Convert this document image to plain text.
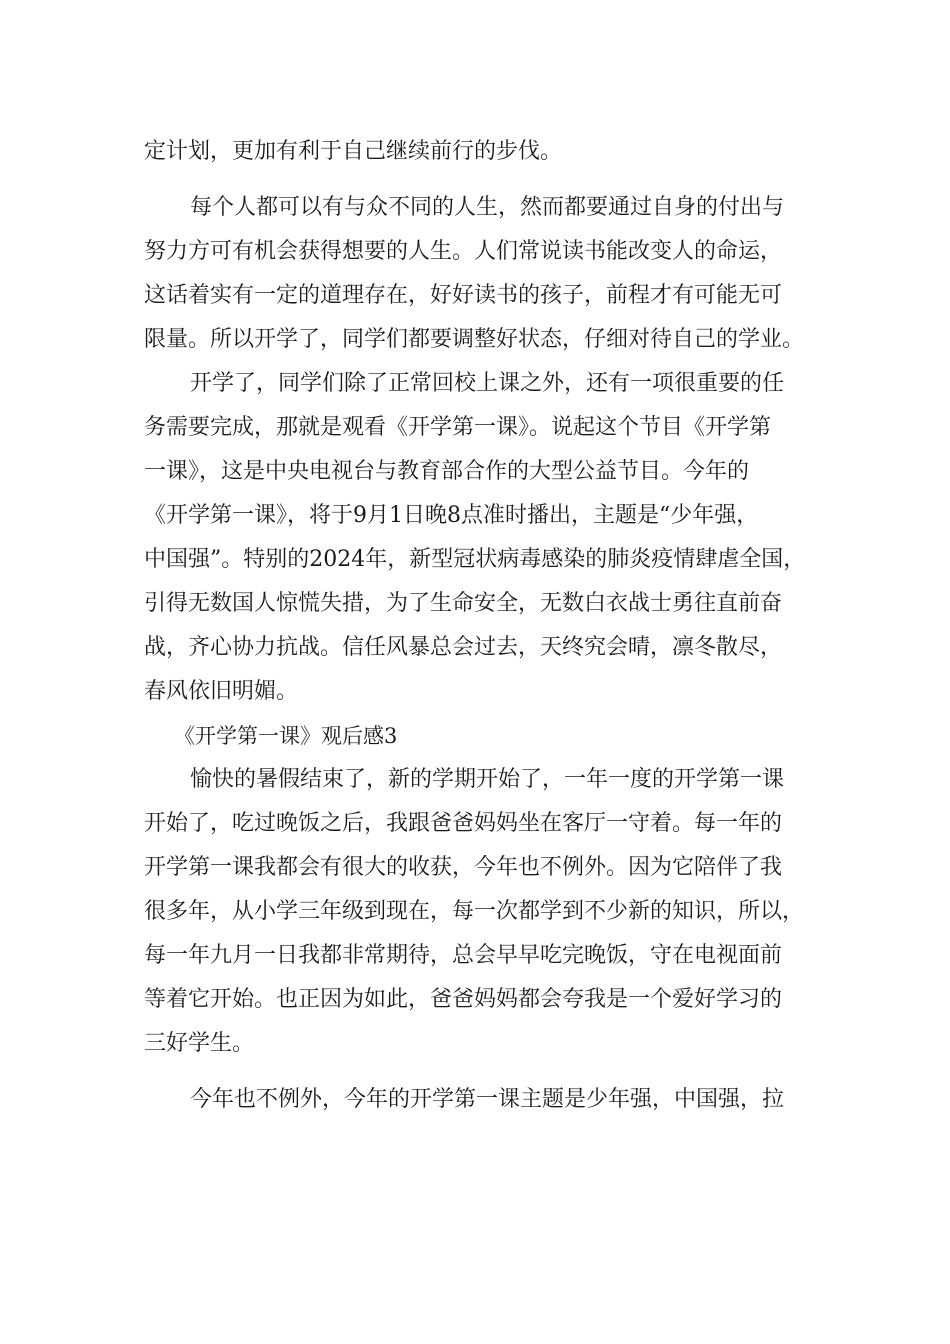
定计划，更加有利于自己继续前行的步伐。
每个人都可以有与众不同的人生，然而都要通过自身的付出与
努力方可有机会获得想要的人生。人们常说读书能改变人的命运，
这话着实有一定的道理存在，好好读书的孩子，前程才有可能无可
限量。所以开学了，同学们都要调整好状态，仔细对待自己的学业。
开学了，同学们除了正常回校上课之外，还有一项很重要的任
务需要完成，那就是观看《开学第一课》。说起这个节目《开学第
一课》，这是中央电视台与教育部合作的大型公益节目。今年的
《开学第一课》，将于9月1日晚8点准时播出，主题是“少年强，
中国强”。特别的2024年，新型冠状病毒感染的肺炎疫情肆虐全国，
引得无数国人惊慌失措，为了生命安全，无数白衣战士勇往直前奋
战，齐心协力抗战。信任风暴总会过去，天终究会晴，凛冬散尽，
春风依旧明媚。
《开学第一课》观后感3
愉快的暑假结束了，新的学期开始了，一年一度的开学第一课
开始了，吃过晚饭之后，我跟爸爸妈妈坐在客厅一守着。每一年的
开学第一课我都会有很大的收获，今年也不例外。因为它陪伴了我
很多年，从小学三年级到现在，每一次都学到不少新的知识，所以，
每一年九月一日我都非常期待，总会早早吃完晚饭，守在电视面前
等着它开始。也正因为如此，爸爸妈妈都会夸我是一个爱好学习的
三好学生。
今年也不例外，今年的开学第一课主题是少年强，中国强，拉
